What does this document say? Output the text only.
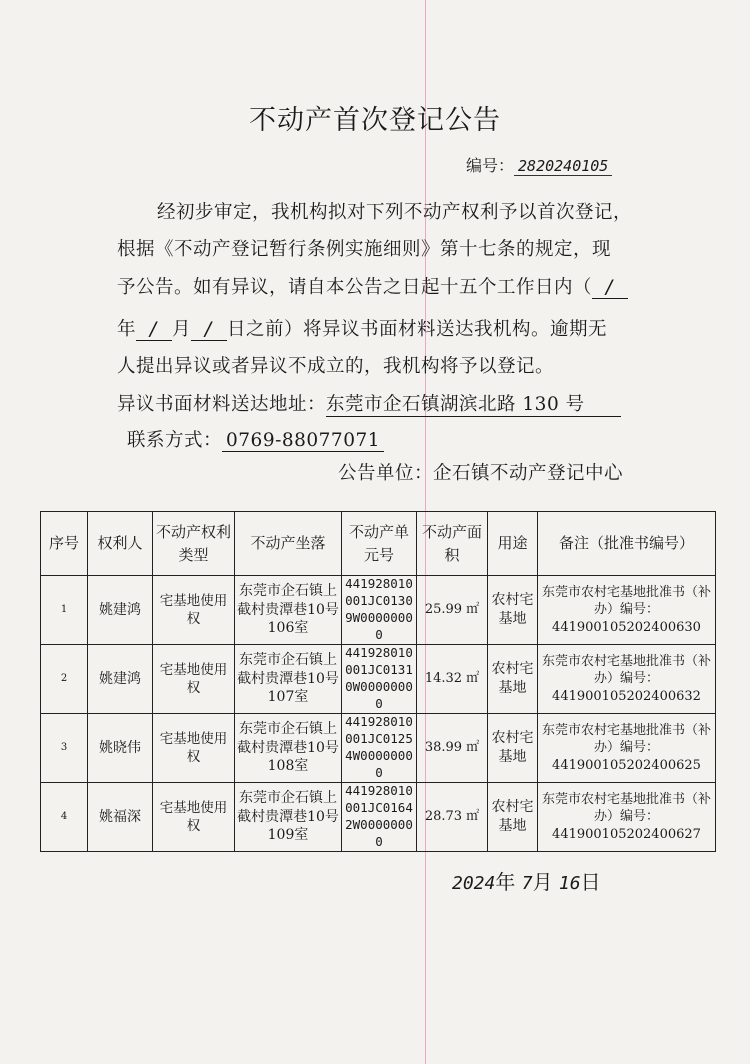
不动产首次登记公告
编号： 2820240105
经初步审定，我机构拟对下列不动产权利予以首次登记，
根据《不动产登记暂行条例实施细则》第十七条的规定，现
予公告。如有异议，请自本公告之日起十五个工作日内（ /
年 / 月 / 日之前）将异议书面材料送达我机构。逾期无
人提出异议或者异议不成立的，我机构将予以登记。
异议书面材料送达地址：东莞市企石镇湖滨北路 130 号
联系方式： 0769-88077071
公告单位：企石镇不动产登记中心
序号	权利人	不动产权利类型	不动产坐落	不动产单元号	不动产面积	用途	备注（批准书编号）
1	姚建鸿	宅基地使用权	东莞市企石镇上截村贵潭巷10号106室	441928010001JC01309W00000000	25.99 ㎡	农村宅基地	东莞市农村宅基地批准书（补办）编号：441900105202400630
2	姚建鸿	宅基地使用权	东莞市企石镇上截村贵潭巷10号107室	441928010001JC01310W00000000	14.32 ㎡	农村宅基地	东莞市农村宅基地批准书（补办）编号：441900105202400632
3	姚晓伟	宅基地使用权	东莞市企石镇上截村贵潭巷10号108室	441928010001JC01254W00000000	38.99 ㎡	农村宅基地	东莞市农村宅基地批准书（补办）编号：441900105202400625
4	姚福深	宅基地使用权	东莞市企石镇上截村贵潭巷10号109室	441928010001JC01642W00000000	28.73 ㎡	农村宅基地	东莞市农村宅基地批准书（补办）编号：441900105202400627
2024年 7月 16日
